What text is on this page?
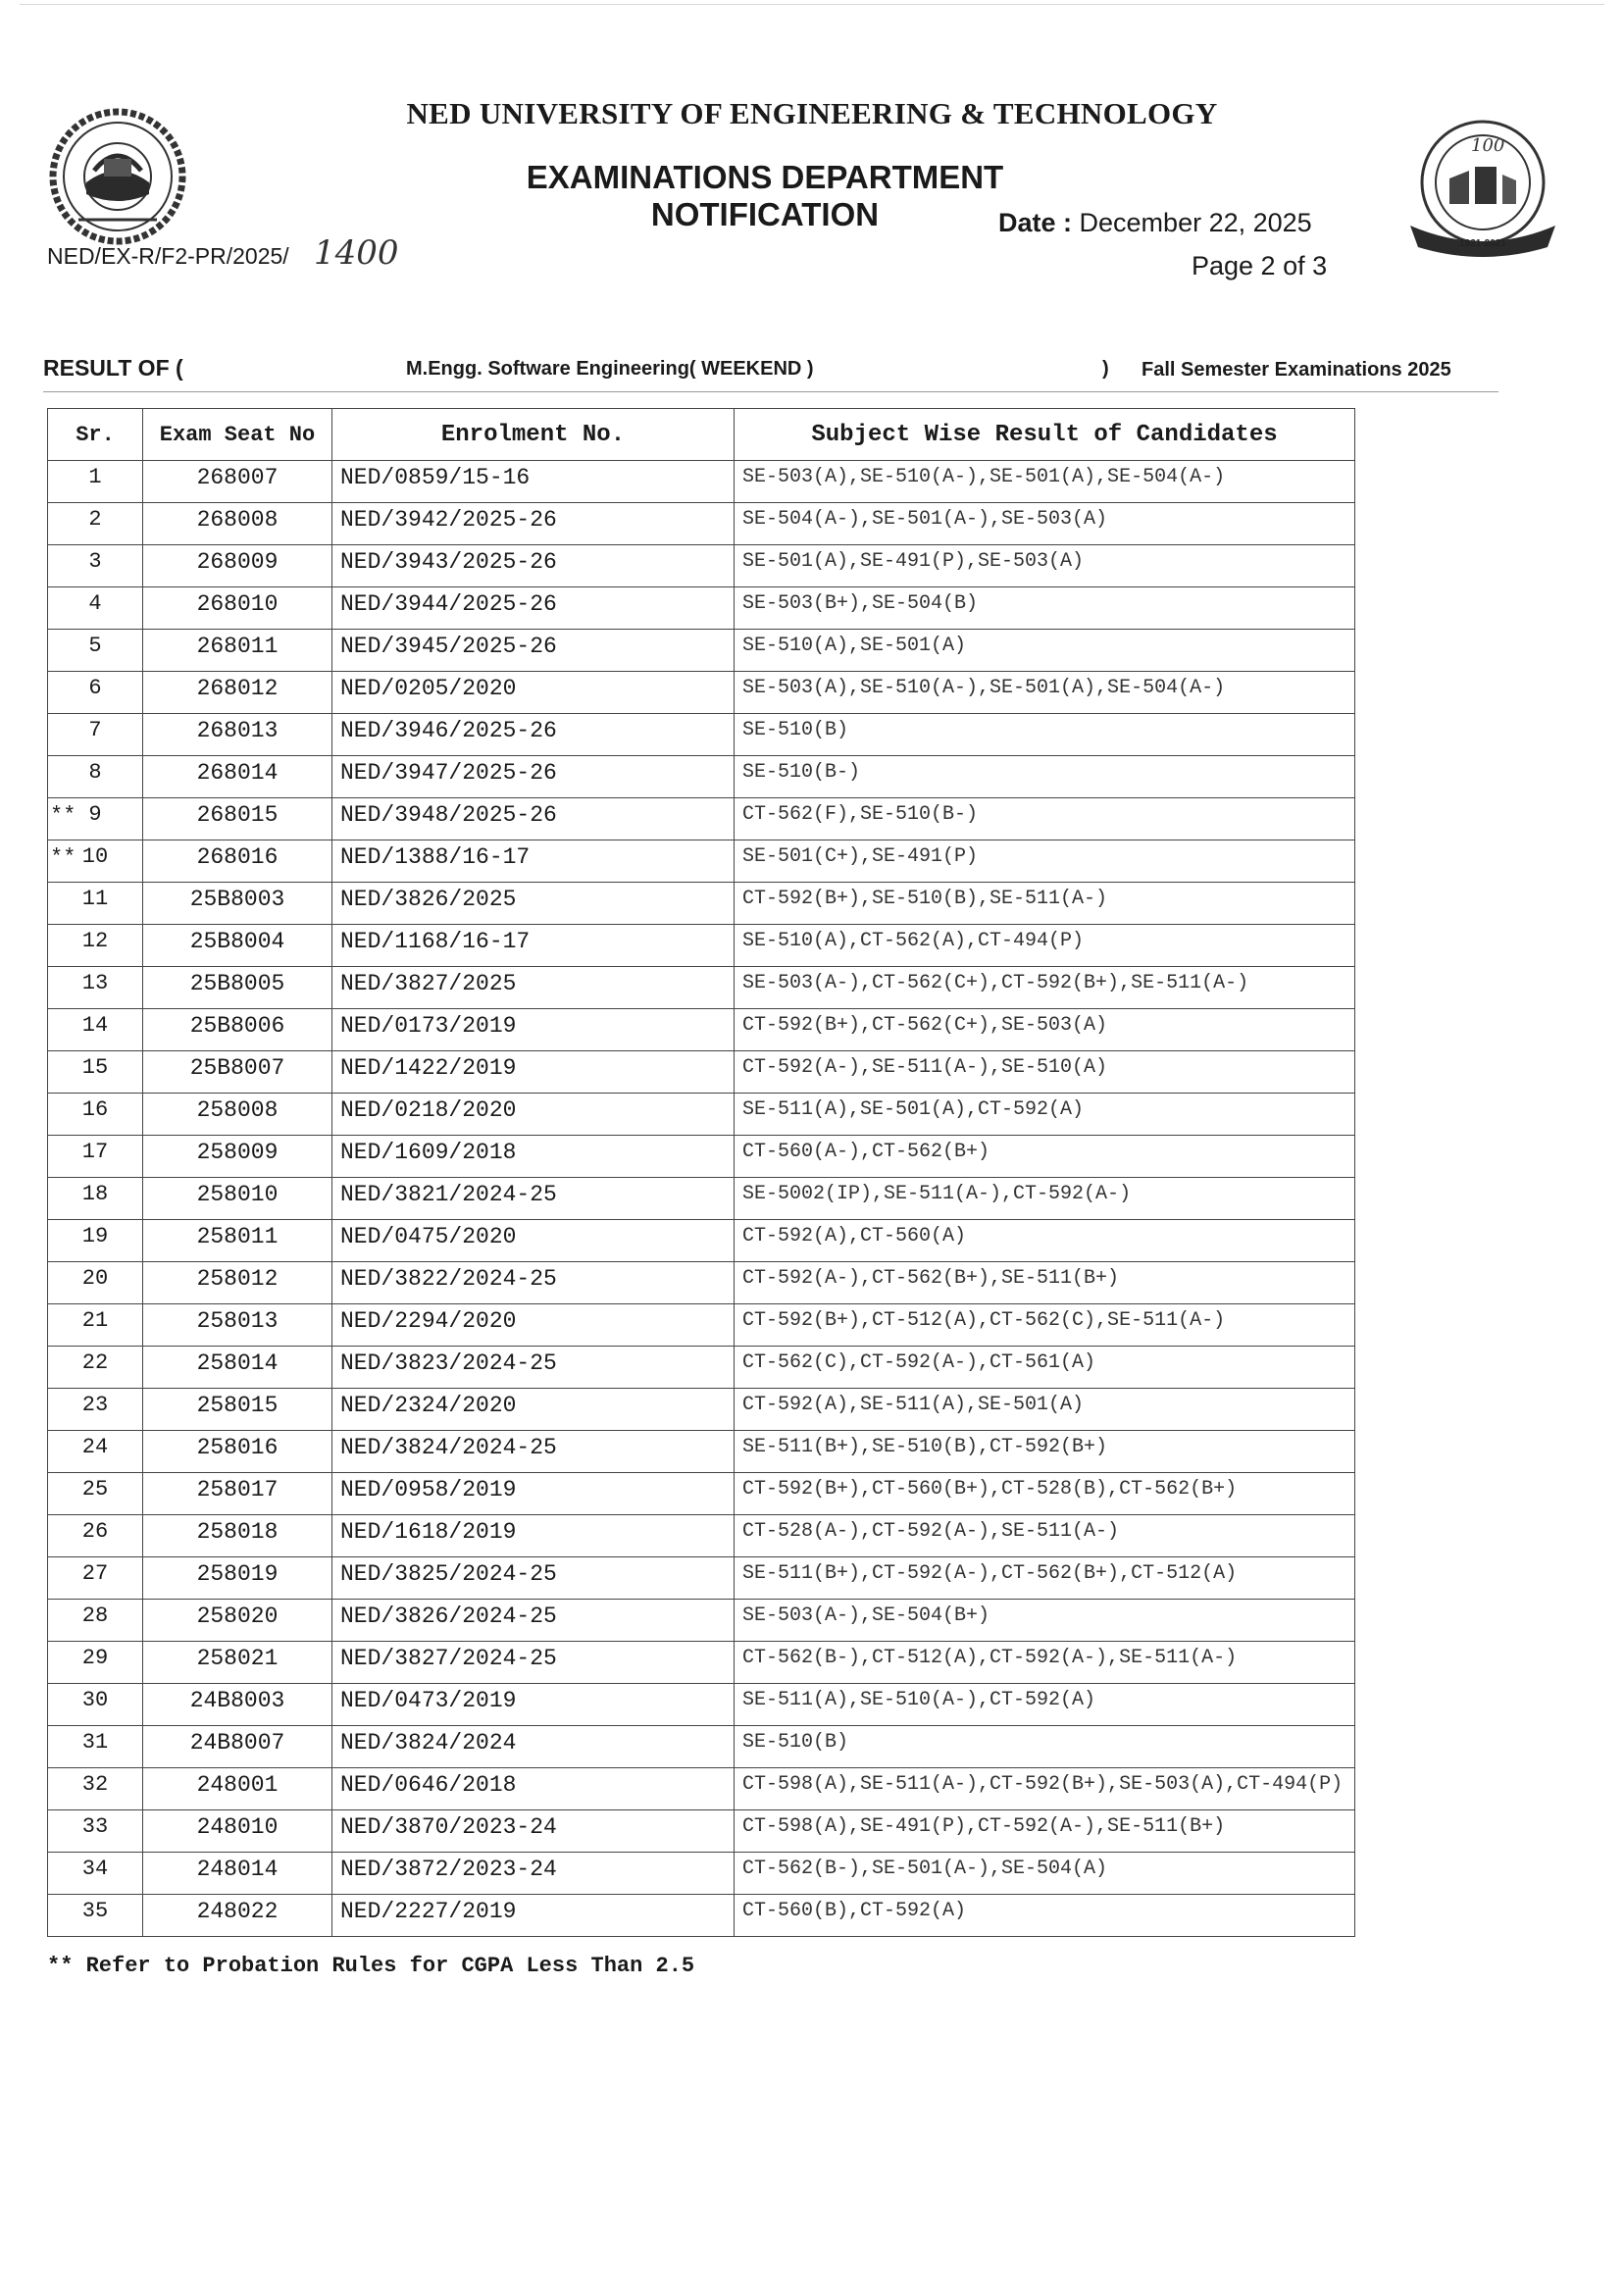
100
1921-2021
NED UNIVERSITY OF ENGINEERING & TECHNOLOGY
EXAMINATIONS DEPARTMENT
NOTIFICATION	Date : December 22, 2025
Page 2 of 3
NED/EX-R/F2-PR/2025/ 1400
RESULT OF (	M.Engg. Software Engineering( WEEKEND )	) Fall Semester Examinations 2025
Sr.	Exam Seat No	Enrolment No.	Subject Wise Result of Candidates
1	268007	NED/0859/15-16	SE-503(A),SE-510(A-),SE-501(A),SE-504(A-)
2	268008	NED/3942/2025-26	SE-504(A-),SE-501(A-),SE-503(A)
3	268009	NED/3943/2025-26	SE-501(A),SE-491(P),SE-503(A)
4	268010	NED/3944/2025-26	SE-503(B+),SE-504(B)
5	268011	NED/3945/2025-26	SE-510(A),SE-501(A)
6	268012	NED/0205/2020	SE-503(A),SE-510(A-),SE-501(A),SE-504(A-)
7	268013	NED/3946/2025-26	SE-510(B)
8	268014	NED/3947/2025-26	SE-510(B-)

** 9	268015	NED/3948/2025-26	CT-562(F),SE-510(B-)

** 10	268016	NED/1388/16-17	SE-501(C+),SE-491(P)
11	25B8003	NED/3826/2025	CT-592(B+),SE-510(B),SE-511(A-)
12	25B8004	NED/1168/16-17	SE-510(A),CT-562(A),CT-494(P)
13	25B8005	NED/3827/2025	SE-503(A-),CT-562(C+),CT-592(B+),SE-511(A-)
14	25B8006	NED/0173/2019	CT-592(B+),CT-562(C+),SE-503(A)
15	25B8007	NED/1422/2019	CT-592(A-),SE-511(A-),SE-510(A)
16	258008	NED/0218/2020	SE-511(A),SE-501(A),CT-592(A)
17	258009	NED/1609/2018	CT-560(A-),CT-562(B+)
18	258010	NED/3821/2024-25	SE-5002(IP),SE-511(A-),CT-592(A-)
19	258011	NED/0475/2020	CT-592(A),CT-560(A)
20	258012	NED/3822/2024-25	CT-592(A-),CT-562(B+),SE-511(B+)
21	258013	NED/2294/2020	CT-592(B+),CT-512(A),CT-562(C),SE-511(A-)
22	258014	NED/3823/2024-25	CT-562(C),CT-592(A-),CT-561(A)
23	258015	NED/2324/2020	CT-592(A),SE-511(A),SE-501(A)
24	258016	NED/3824/2024-25	SE-511(B+),SE-510(B),CT-592(B+)
25	258017	NED/0958/2019	CT-592(B+),CT-560(B+),CT-528(B),CT-562(B+)
26	258018	NED/1618/2019	CT-528(A-),CT-592(A-),SE-511(A-)
27	258019	NED/3825/2024-25	SE-511(B+),CT-592(A-),CT-562(B+),CT-512(A)
28	258020	NED/3826/2024-25	SE-503(A-),SE-504(B+)
29	258021	NED/3827/2024-25	CT-562(B-),CT-512(A),CT-592(A-),SE-511(A-)
30	24B8003	NED/0473/2019	SE-511(A),SE-510(A-),CT-592(A)
31	24B8007	NED/3824/2024	SE-510(B)
32	248001	NED/0646/2018	CT-598(A),SE-511(A-),CT-592(B+),SE-503(A),CT-494(P)
33	248010	NED/3870/2023-24	CT-598(A),SE-491(P),CT-592(A-),SE-511(B+)
34	248014	NED/3872/2023-24	CT-562(B-),SE-501(A-),SE-504(A)
35	248022	NED/2227/2019	CT-560(B),CT-592(A)
** Refer to Probation Rules for CGPA Less Than 2.5
